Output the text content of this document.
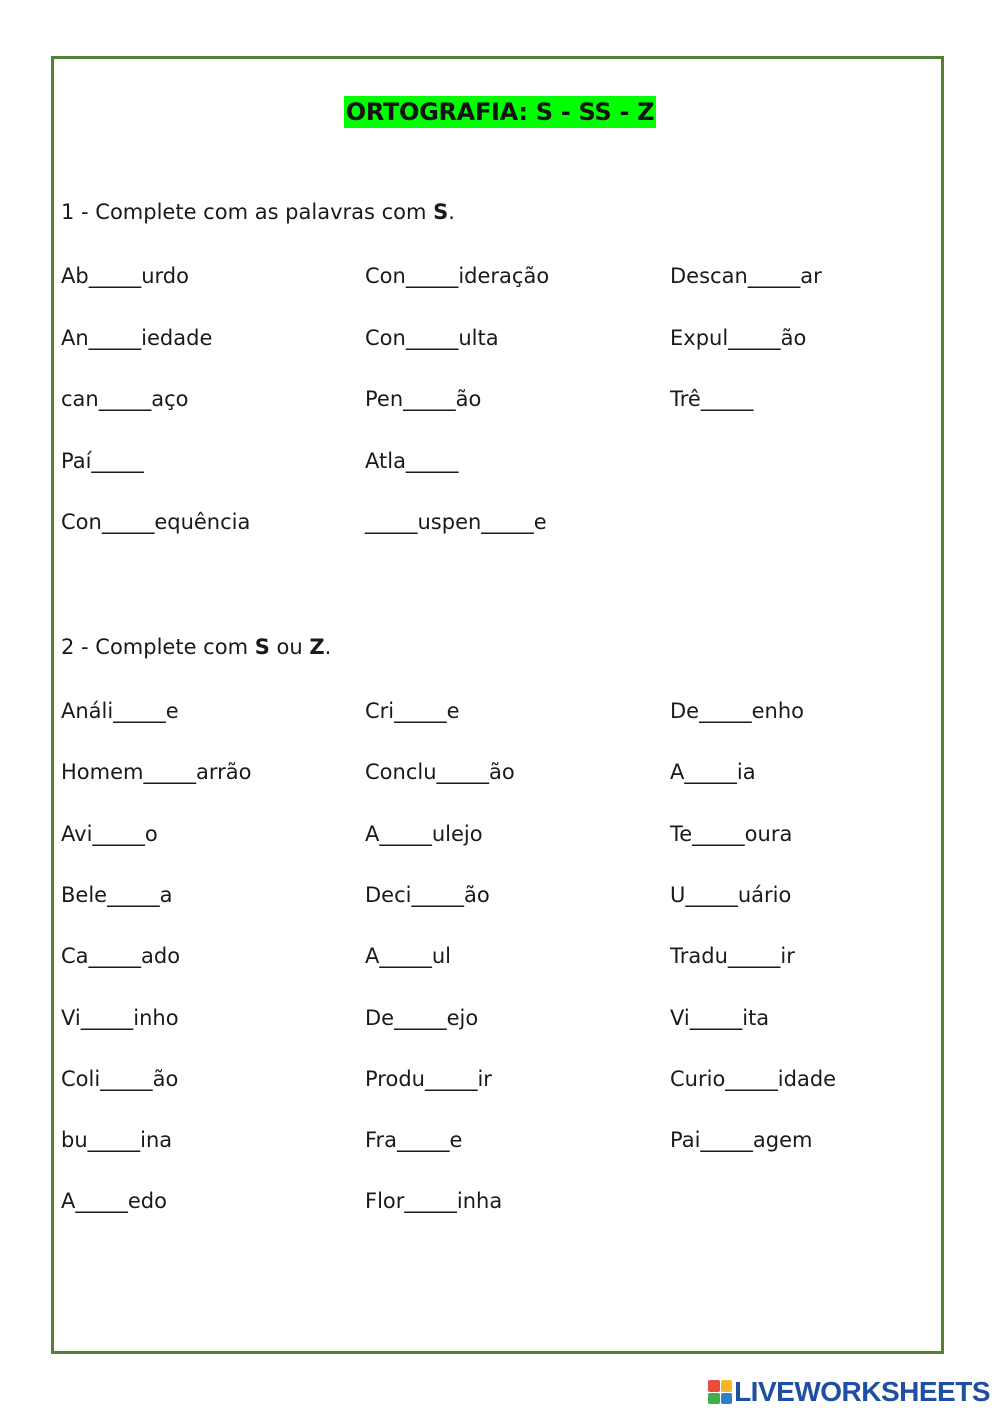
ORTOGRAFIA: S - SS - Z
1 - Complete com as palavras com S.
Ab_____urdo	Con_____ideração	Descan_____ar
An_____iedade	Con_____ulta	Expul_____ão
can_____aço	Pen_____ão	Trê_____
Paí_____	Atla_____
Con_____equência	_____uspen_____e
2 - Complete com S ou Z.
Análi_____e	Cri_____e	De_____enho
Homem_____arrão	Conclu_____ão	A_____ia
Avi_____o	A_____ulejo	Te_____oura
Bele_____a	Deci_____ão	U_____uário
Ca_____ado	A_____ul	Tradu_____ir
Vi_____inho	De_____ejo	Vi_____ita
Coli_____ão	Produ_____ir	Curio_____idade
bu_____ina	Fra_____e	Pai_____agem
A_____edo	Flor_____inha
LIVEWORKSHEETS
